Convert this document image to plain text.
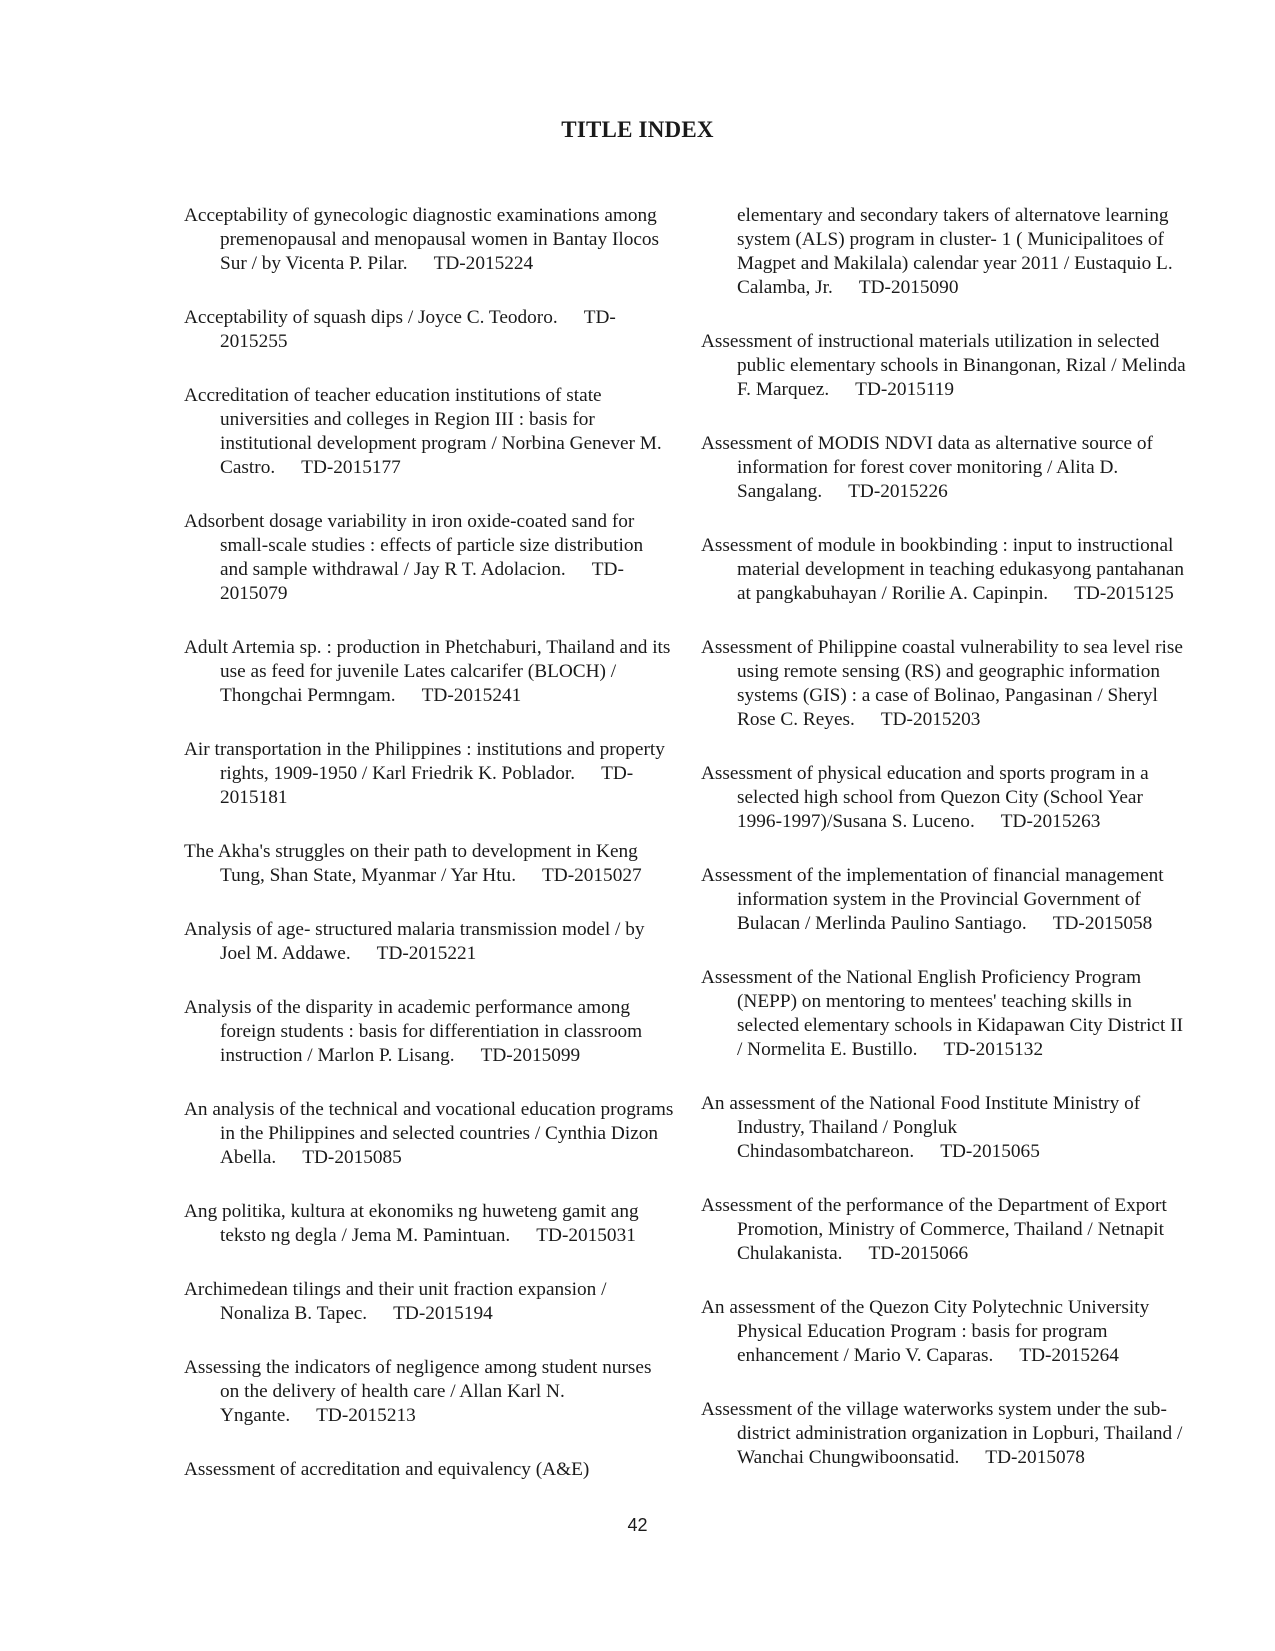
TITLE INDEX

Acceptability of gynecologic diagnostic examinations among premenopausal and menopausal women in Bantay Ilocos Sur / by Vicenta P. Pilar. TD-2015224

Acceptability of squash dips / Joyce C. Teodoro. TD-2015255

Accreditation of teacher education institutions of state universities and colleges in Region III : basis for institutional development program / Norbina Genever M. Castro. TD-2015177

Adsorbent dosage variability in iron oxide-coated sand for small-scale studies : effects of particle size distribution and sample withdrawal / Jay R T. Adolacion. TD-2015079

Adult Artemia sp. : production in Phetchaburi, Thailand and its use as feed for juvenile Lates calcarifer (BLOCH) / Thongchai Permngam. TD-2015241

Air transportation in the Philippines : institutions and property rights, 1909-1950 / Karl Friedrik K. Poblador. TD-2015181

The Akha's struggles on their path to development in Keng Tung, Shan State, Myanmar / Yar Htu. TD-2015027

Analysis of age- structured malaria transmission model / by Joel M. Addawe. TD-2015221

Analysis of the disparity in academic performance among foreign students : basis for differentiation in classroom instruction / Marlon P. Lisang. TD-2015099

An analysis of the technical and vocational education programs in the Philippines and selected countries / Cynthia Dizon Abella. TD-2015085

Ang politika, kultura at ekonomiks ng huweteng gamit ang teksto ng degla / Jema M. Pamintuan. TD-2015031

Archimedean tilings and their unit fraction expansion / Nonaliza B. Tapec. TD-2015194

Assessing the indicators of negligence among student nurses on the delivery of health care / Allan Karl N. Yngante. TD-2015213

Assessment of accreditation and equivalency (A&E)

elementary and secondary takers of alternatove learning system (ALS) program in cluster- 1 ( Municipalitoes of Magpet and Makilala) calendar year 2011 / Eustaquio L. Calamba, Jr. TD-2015090

Assessment of instructional materials utilization in selected public elementary schools in Binangonan, Rizal / Melinda F. Marquez. TD-2015119

Assessment of MODIS NDVI data as alternative source of information for forest cover monitoring / Alita D. Sangalang. TD-2015226

Assessment of module in bookbinding : input to instructional material development in teaching edukasyong pantahanan at pangkabuhayan / Rorilie A. Capinpin. TD-2015125

Assessment of Philippine coastal vulnerability to sea level rise using remote sensing (RS) and geographic information systems (GIS) : a case of Bolinao, Pangasinan / Sheryl Rose C. Reyes. TD-2015203

Assessment of physical education and sports program in a selected high school from Quezon City (School Year 1996-1997)/Susana S. Luceno. TD-2015263

Assessment of the implementation of financial management information system in the Provincial Government of Bulacan / Merlinda Paulino Santiago. TD-2015058

Assessment of the National English Proficiency Program (NEPP) on mentoring to mentees' teaching skills in selected elementary schools in Kidapawan City District II / Normelita E. Bustillo. TD-2015132

An assessment of the National Food Institute Ministry of Industry, Thailand / Pongluk Chindasombatchareon. TD-2015065

Assessment of the performance of the Department of Export Promotion, Ministry of Commerce, Thailand / Netnapit Chulakanista. TD-2015066

An assessment of the Quezon City Polytechnic University Physical Education Program : basis for program enhancement / Mario V. Caparas. TD-2015264

Assessment of the village waterworks system under the sub-district administration organization in Lopburi, Thailand / Wanchai Chungwiboonsatid. TD-2015078

42
